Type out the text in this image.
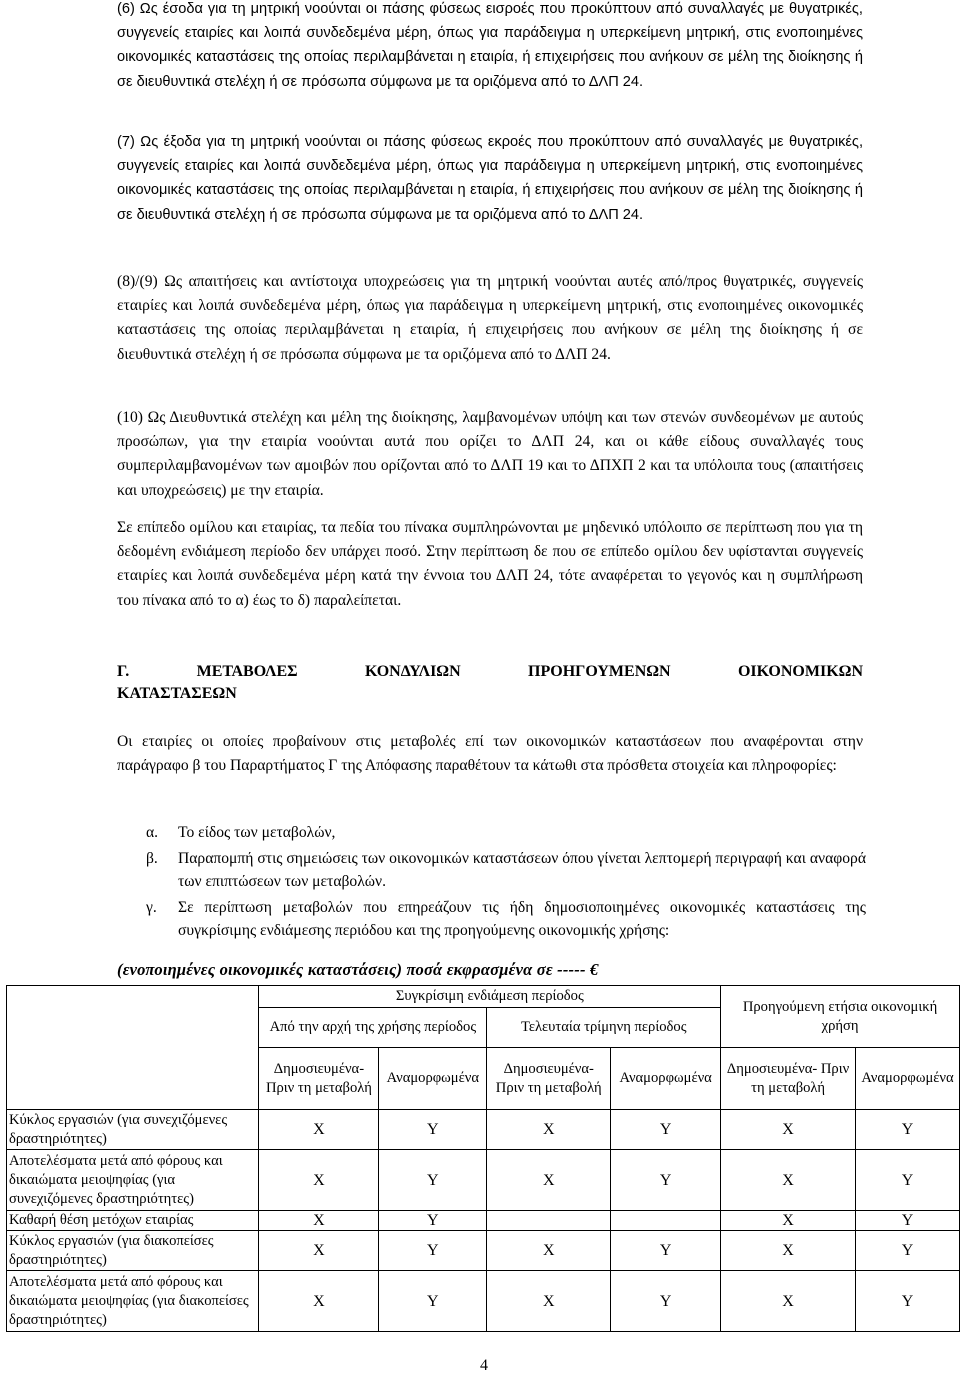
(6) Ως έσοδα για τη μητρική νοούνται οι πάσης φύσεως εισροές που προκύπτουν από συναλλαγές με θυγατρικές, συγγενείς εταιρίες και λοιπά συνδεδεμένα μέρη, όπως για παράδειγμα η υπερκείμενη μητρική, στις ενοποιημένες οικονομικές καταστάσεις της οποίας περιλαμβάνεται η εταιρία, ή επιχειρήσεις που ανήκουν σε μέλη της διοίκησης ή σε διευθυντικά στελέχη ή σε πρόσωπα σύμφωνα με τα οριζόμενα από το ΔΛΠ 24.

(7) Ως έξοδα για τη μητρική νοούνται οι πάσης φύσεως εκροές που προκύπτουν από συναλλαγές με θυγατρικές, συγγενείς εταιρίες και λοιπά συνδεδεμένα μέρη, όπως για παράδειγμα η υπερκείμενη μητρική, στις ενοποιημένες οικονομικές καταστάσεις της οποίας περιλαμβάνεται η εταιρία, ή επιχειρήσεις που ανήκουν σε μέλη της διοίκησης ή σε διευθυντικά στελέχη ή σε πρόσωπα σύμφωνα με τα οριζόμενα από το ΔΛΠ 24.

(8)/(9) Ως απαιτήσεις και αντίστοιχα υποχρεώσεις για τη μητρική νοούνται αυτές από/προς θυγατρικές, συγγενείς εταιρίες και λοιπά συνδεδεμένα μέρη, όπως για παράδειγμα η υπερκείμενη μητρική, στις ενοποιημένες οικονομικές καταστάσεις της οποίας περιλαμβάνεται η εταιρία, ή επιχειρήσεις που ανήκουν σε μέλη της διοίκησης ή σε διευθυντικά στελέχη ή σε πρόσωπα σύμφωνα με τα οριζόμενα από το ΔΛΠ 24.

(10) Ως Διευθυντικά στελέχη και μέλη της διοίκησης, λαμβανομένων υπόψη και των στενών συνδεομένων με αυτούς προσώπων, για την εταιρία νοούνται αυτά που ορίζει το ΔΛΠ 24, και οι κάθε είδους συναλλαγές τους συμπεριλαμβανομένων των αμοιβών που ορίζονται από το ΔΛΠ 19 και το ΔΠΧΠ 2 και τα υπόλοιπα τους (απαιτήσεις και υποχρεώσεις) με την εταιρία.

Σε επίπεδο ομίλου και εταιρίας, τα πεδία του πίνακα συμπληρώνονται με μηδενικό υπόλοιπο σε περίπτωση που για τη δεδομένη ενδιάμεση περίοδο δεν υπάρχει ποσό. Στην περίπτωση δε που σε επίπεδο ομίλου δεν υφίστανται συγγενείς εταιρίες και λοιπά συνδεδεμένα μέρη κατά την έννοια του ΔΛΠ 24, τότε αναφέρεται το γεγονός και η συμπλήρωση του πίνακα από το α) έως το δ) παραλείπεται.

Γ. ΜΕΤΑΒΟΛΕΣ ΚΟΝΔΥΛΙΩΝ ΠΡΟΗΓΟΥΜΕΝΩΝ ΟΙΚΟΝΟΜΙΚΩΝ

ΚΑΤΑΣΤΑΣΕΩΝ

Οι εταιρίες οι οποίες προβαίνουν στις μεταβολές επί των οικονομικών καταστάσεων που αναφέρονται στην παράγραφο β του Παραρτήματος Γ της Απόφασης παραθέτουν τα κάτωθι στα πρόσθετα στοιχεία και πληροφορίες:

α.	Το είδος των μεταβολών,
β.	Παραπομπή στις σημειώσεις των οικονομικών καταστάσεων όπου γίνεται λεπτομερή περιγραφή και αναφορά των επιπτώσεων των μεταβολών.
γ.	Σε περίπτωση μεταβολών που επηρεάζουν τις ήδη δημοσιοποιημένες οικονομικές καταστάσεις της συγκρίσιμης ενδιάμεσης περιόδου και της προηγούμενης οικονομικής χρήσης:
(ενοποιημένες οικονομικές καταστάσεις) ποσά εκφρασμένα σε ----- €
	Συγκρίσιμη ενδιάμεση περίοδος				Προηγούμενη ετήσια οικονομική χρήση	
	Από την αρχή της χρήσης περίοδος		Τελευταία τρίμηνη περίοδος			
	Δημοσιευμένα- Πριν τη μεταβολή	Αναμορφωμένα	Δημοσιευμένα- Πριν τη μεταβολή	Αναμορφωμένα	Δημοσιευμένα- Πριν τη μεταβολή	Αναμορφωμένα
Κύκλος εργασιών (για συνεχιζόμενες δραστηριότητες)	X	Y	X	Y	X	Y
Αποτελέσματα μετά από φόρους και δικαιώματα μειοψηφίας (για συνεχιζόμενες δραστηριότητες)	X	Y	X	Y	X	Y
Καθαρή θέση μετόχων εταιρίας	X	Y			X	Y
Κύκλος εργασιών (για διακοπείσες δραστηριότητες)	X	Y	X	Y	X	Y
Αποτελέσματα μετά από φόρους και δικαιώματα μειοψηφίας (για διακοπείσες δραστηριότητες)	X	Y	X	Y	X	Y
4
